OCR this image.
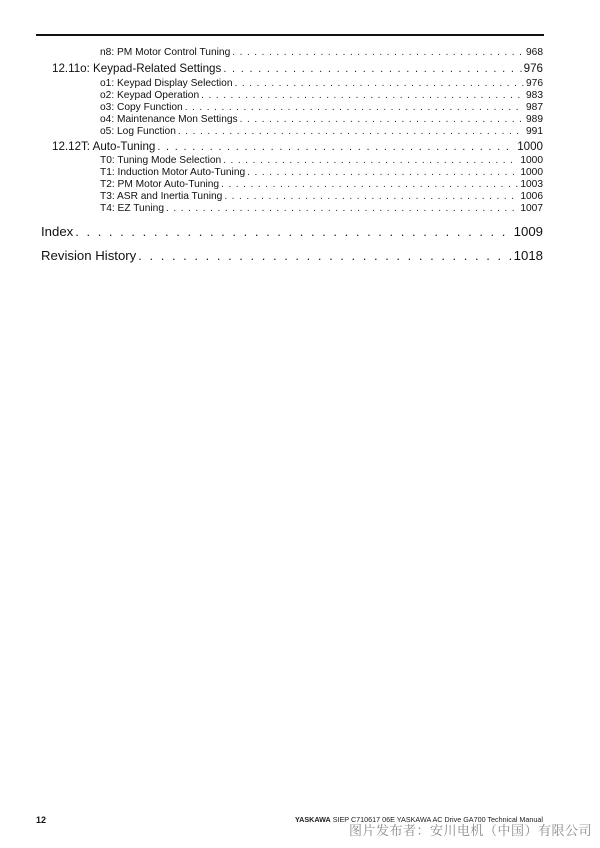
n8: PM Motor Control Tuning . . .	968
12.11 o: Keypad-Related Settings . . .	976
o1: Keypad Display Selection . . .	976
o2: Keypad Operation . . .	983
o3: Copy Function . . .	987
o4: Maintenance Mon Settings . . .	989
o5: Log Function . . .	991
12.12 T: Auto-Tuning . . .	1000
T0: Tuning Mode Selection . . .	1000
T1: Induction Motor Auto-Tuning . . .	1000
T2: PM Motor Auto-Tuning . . .	1003
T3: ASR and Inertia Tuning . . .	1006
T4: EZ Tuning . . .	1007
Index . . .	1009
Revision History . . .	1018
12	YASKAWA SIEP C710617 06E YASKAWA AC Drive GA700 Technical Manual
图片发布者：安川电机（中国）有限公司
